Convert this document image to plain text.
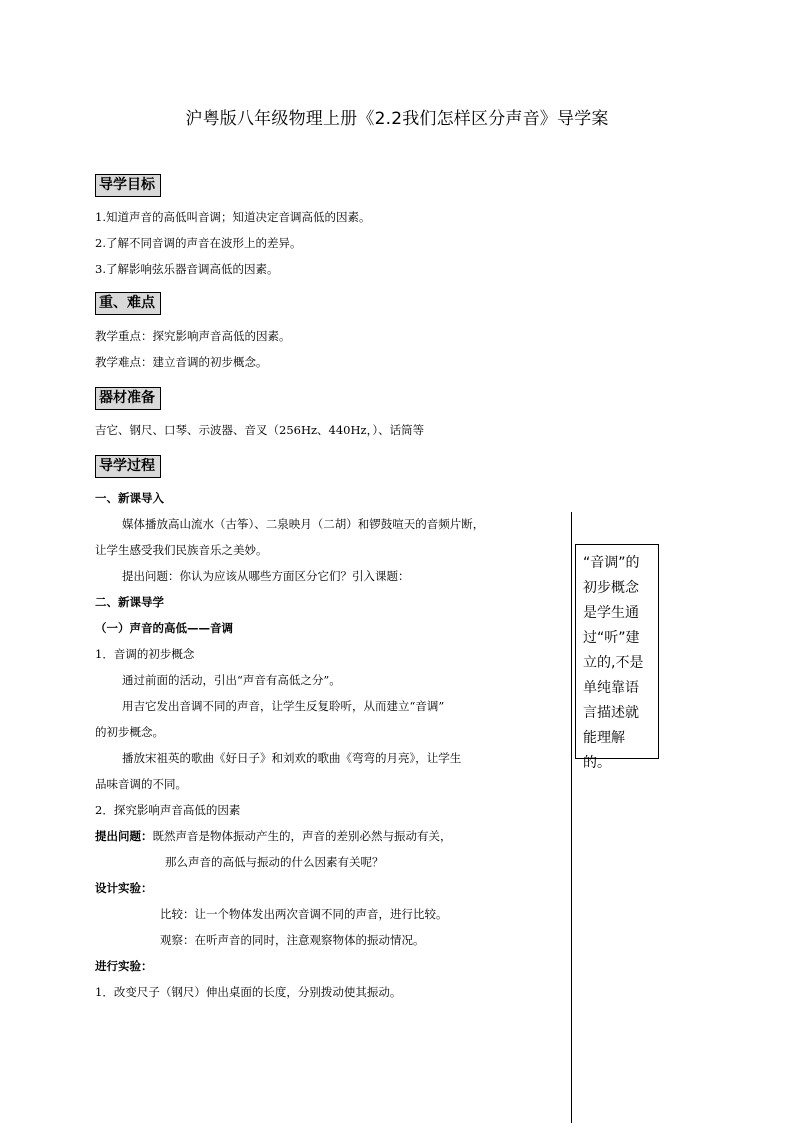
沪粤版八年级物理上册《2.2我们怎样区分声音》导学案
导学目标
1.知道声音的高低叫音调；知道决定音调高低的因素。
2.了解不同音调的声音在波形上的差异。
3.了解影响弦乐器音调高低的因素。
重、难点
教学重点：探究影响声音高低的因素。
教学难点：建立音调的初步概念。
器材准备
吉它、钢尺、口琴、示波器、音叉（256Hz、440Hz，）、话筒等
导学过程
一、新课导入
媒体播放高山流水（古筝）、二泉映月（二胡）和锣鼓喧天的音频片断，
让学生感受我们民族音乐之美妙。
提出问题：你认为应该从哪些方面区分它们？引入课题：
二、新课导学
（一）声音的高低——音调
1．音调的初步概念
通过前面的活动，引出“声音有高低之分”。
用吉它发出音调不同的声音，让学生反复聆听，从而建立“音调”
的初步概念。
播放宋祖英的歌曲《好日子》和刘欢的歌曲《弯弯的月亮》，让学生
品味音调的不同。
2．探究影响声音高低的因素
提出问题：既然声音是物体振动产生的，声音的差别必然与振动有关，
那么声音的高低与振动的什么因素有关呢？
设计实验：
比较：让一个物体发出两次音调不同的声音，进行比较。
观察：在听声音的同时，注意观察物体的振动情况。
进行实验：
1．改变尺子（钢尺）伸出桌面的长度，分别拨动使其振动。
“音调”的初步概念是学生通过“听”建立的,不是单纯靠语言描述就能理解的。
